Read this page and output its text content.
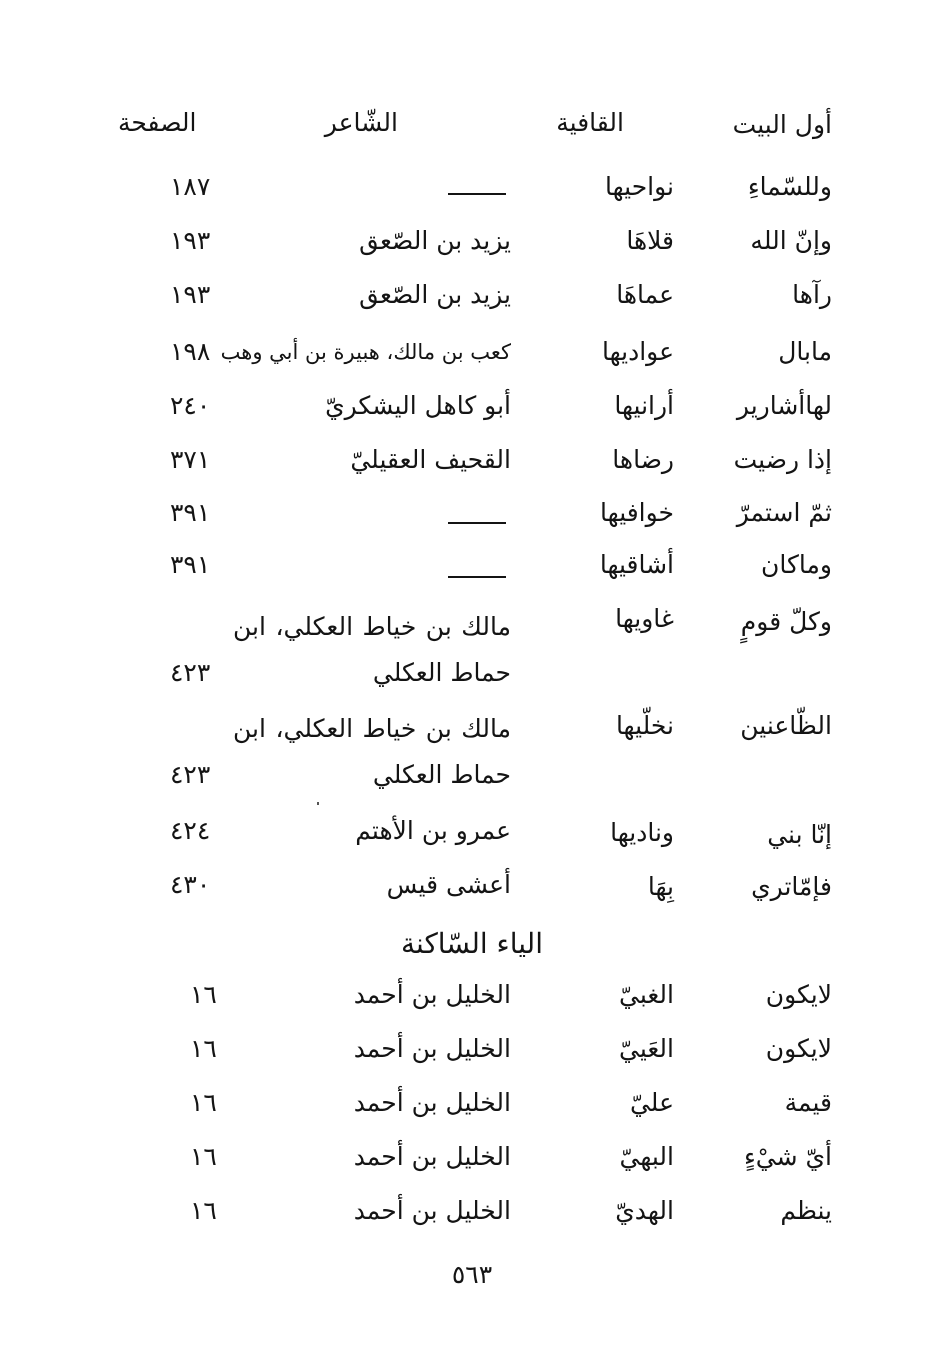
أول البيت
القافية
الشّاعر
الصفحة
وللسّماءِ
نواحيها
١٨٧
وإنّ الله
قلاهَا
يزيد بن الصّعق
١٩٣
رآها
عماهَا
يزيد بن الصّعق
١٩٣
مابال
عواديها
كعب بن مالك، هبيرة بن أبي وهب
١٩٨
لهاأشارير
أرانيها
أبو كاهل اليشكريّ
٢٤٠
إذا رضيت
رضاها
القحيف العقيليّ
٣٧١
ثمّ استمرّ
خوافيها
٣٩١
وماكان
أشاقيها
٣٩١
وكلّ قومٍ
غاويها
مالك بن خياط العكلي، ابن
حماط العكلي
٤٢٣
الظّاعنين
نخلّيها
مالك بن خياط العكلي، ابن
حماط العكلي
٤٢٣
إنّا بني
وناديها
عمرو بن الأهتم
٤٢٤
فإمّاتري
بِهَا
أعشى قيس
٤٣٠
الياء السّاكنة
لايكون
الغبيّ
الخليل بن أحمد
١٦
لايكون
العَييّ
الخليل بن أحمد
١٦
قيمة
عليّ
الخليل بن أحمد
١٦
أيّ شيْءٍ
البهيّ
الخليل بن أحمد
١٦
ينظم
الهديّ
الخليل بن أحمد
١٦
٥٦٣
